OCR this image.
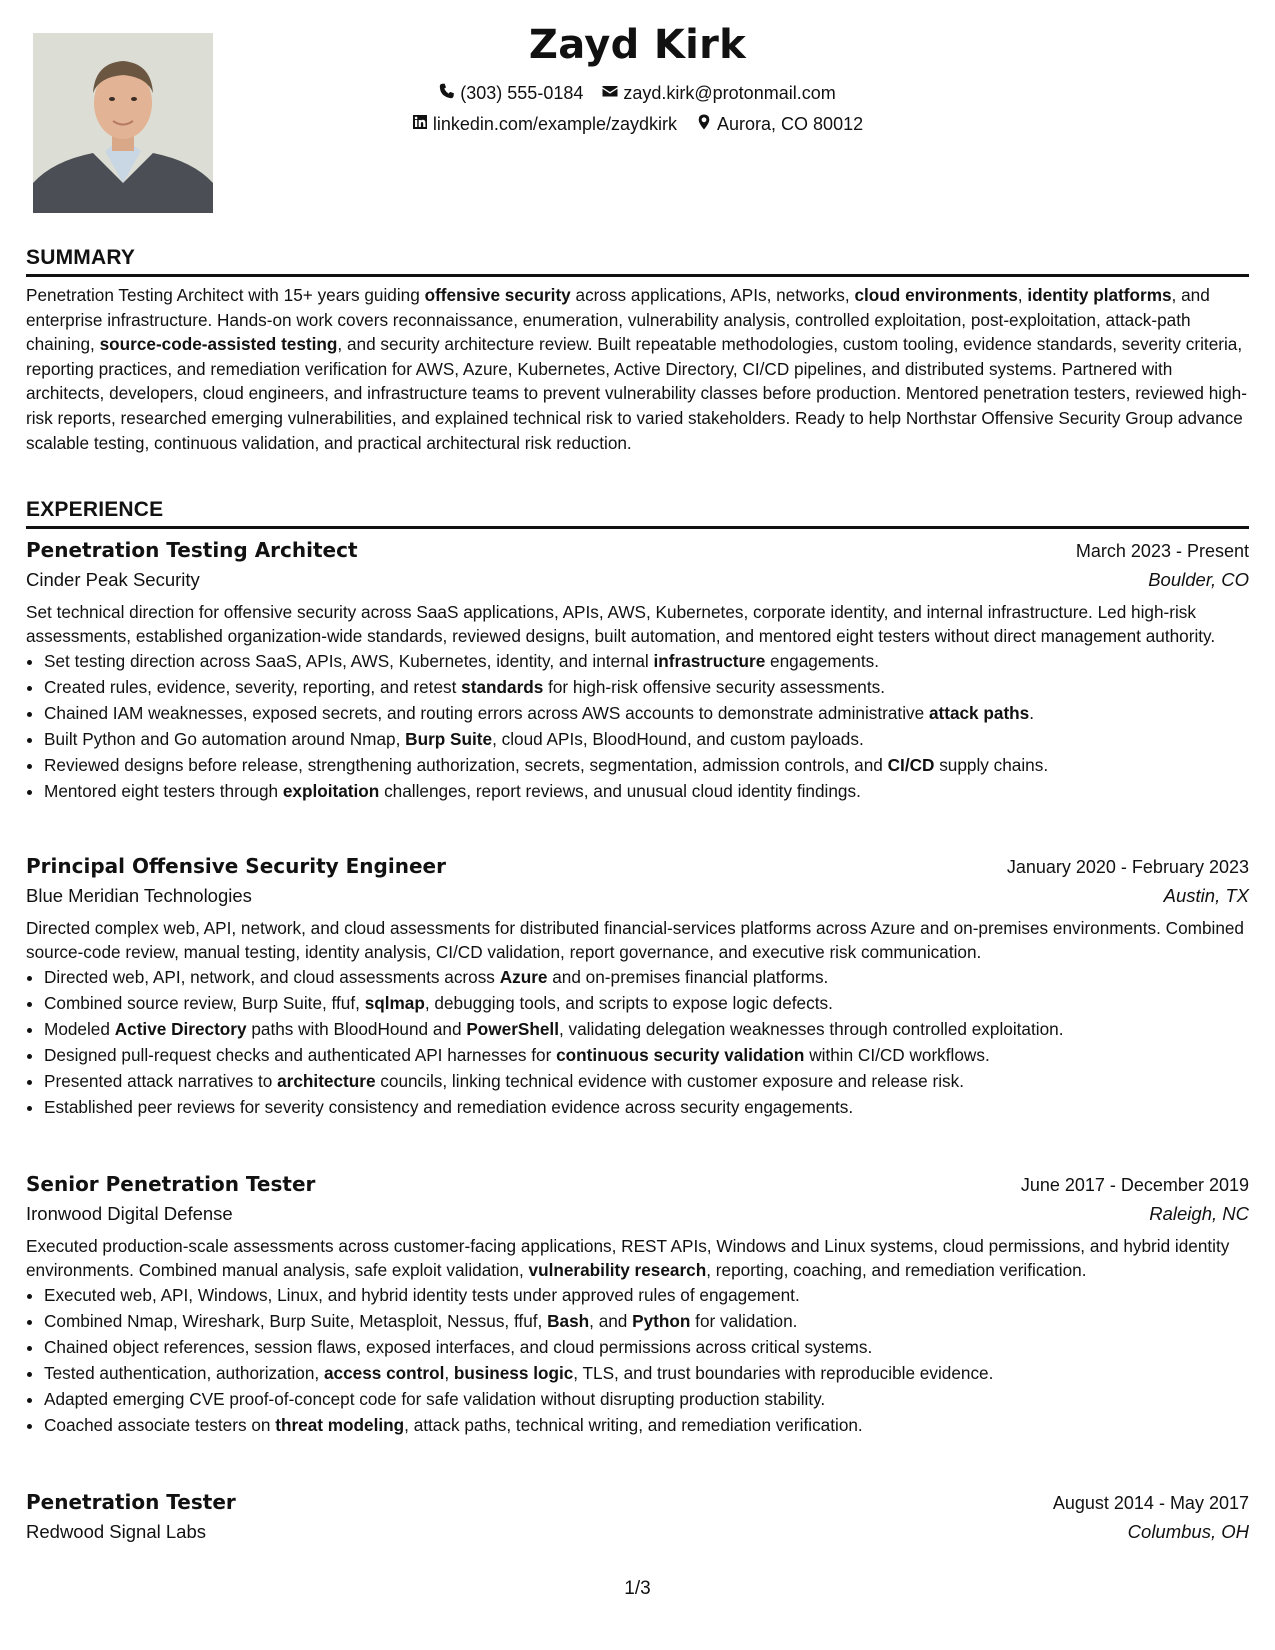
Zayd Kirk
(303) 555-0184
zayd.kirk@protonmail.com
linkedin.com/example/zaydkirk
Aurora, CO 80012
SUMMARY

Penetration Testing Architect with 15+ years guiding offensive security across applications, APIs, networks, cloud environments, identity platforms, and enterprise infrastructure. Hands-on work covers reconnaissance, enumeration, vulnerability analysis, controlled exploitation, post-exploitation, attack-path chaining, source-code-assisted testing, and security architecture review. Built repeatable methodologies, custom tooling, evidence standards, severity criteria, reporting practices, and remediation verification for AWS, Azure, Kubernetes, Active Directory, CI/CD pipelines, and distributed systems. Partnered with architects, developers, cloud engineers, and infrastructure teams to prevent vulnerability classes before production. Mentored penetration testers, reviewed high-risk reports, researched emerging vulnerabilities, and explained technical risk to varied stakeholders. Ready to help Northstar Offensive Security Group advance scalable testing, continuous validation, and practical architectural risk reduction.

EXPERIENCE
Penetration Testing Architect	March 2023 - Present
Cinder Peak Security	Boulder, CO

Set technical direction for offensive security across SaaS applications, APIs, AWS, Kubernetes, corporate identity, and internal infrastructure. Led high-risk assessments, established organization-wide standards, reviewed designs, built automation, and mentored eight testers without direct management authority.

• Set testing direction across SaaS, APIs, AWS, Kubernetes, identity, and internal infrastructure engagements.
• Created rules, evidence, severity, reporting, and retest standards for high-risk offensive security assessments.
• Chained IAM weaknesses, exposed secrets, and routing errors across AWS accounts to demonstrate administrative attack paths.
• Built Python and Go automation around Nmap, Burp Suite, cloud APIs, BloodHound, and custom payloads.
• Reviewed designs before release, strengthening authorization, secrets, segmentation, admission controls, and CI/CD supply chains.
• Mentored eight testers through exploitation challenges, report reviews, and unusual cloud identity findings.
Principal Offensive Security Engineer	January 2020 - February 2023
Blue Meridian Technologies	Austin, TX

Directed complex web, API, network, and cloud assessments for distributed financial-services platforms across Azure and on-premises environments. Combined source-code review, manual testing, identity analysis, CI/CD validation, report governance, and executive risk communication.

• Directed web, API, network, and cloud assessments across Azure and on-premises financial platforms.
• Combined source review, Burp Suite, ffuf, sqlmap, debugging tools, and scripts to expose logic defects.
• Modeled Active Directory paths with BloodHound and PowerShell, validating delegation weaknesses through controlled exploitation.
• Designed pull-request checks and authenticated API harnesses for continuous security validation within CI/CD workflows.
• Presented attack narratives to architecture councils, linking technical evidence with customer exposure and release risk.
• Established peer reviews for severity consistency and remediation evidence across security engagements.
Senior Penetration Tester	June 2017 - December 2019
Ironwood Digital Defense	Raleigh, NC

Executed production-scale assessments across customer-facing applications, REST APIs, Windows and Linux systems, cloud permissions, and hybrid identity environments. Combined manual analysis, safe exploit validation, vulnerability research, reporting, coaching, and remediation verification.

• Executed web, API, Windows, Linux, and hybrid identity tests under approved rules of engagement.
• Combined Nmap, Wireshark, Burp Suite, Metasploit, Nessus, ffuf, Bash, and Python for validation.
• Chained object references, session flaws, exposed interfaces, and cloud permissions across critical systems.
• Tested authentication, authorization, access control, business logic, TLS, and trust boundaries with reproducible evidence.
• Adapted emerging CVE proof-of-concept code for safe validation without disrupting production stability.
• Coached associate testers on threat modeling, attack paths, technical writing, and remediation verification.
Penetration Tester	August 2014 - May 2017
Redwood Signal Labs	Columbus, OH
1/3
